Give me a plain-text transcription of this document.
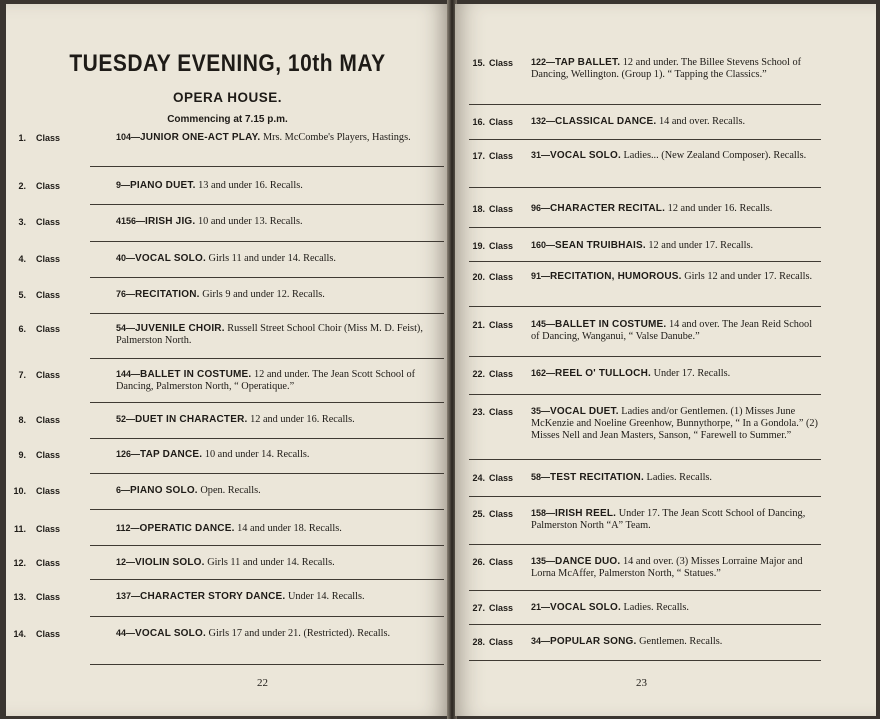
TUESDAY EVENING, 10th MAY
OPERA HOUSE.
Commencing at 7.15 p.m.
1. Class	104—JUNIOR ONE-ACT PLAY. Mrs. McCombe's Players, Hastings.
2. Class	9—PIANO DUET. 13 and under 16. Recalls.
3. Class	4156—IRISH JIG. 10 and under 13. Recalls.
4. Class	40—VOCAL SOLO. Girls 11 and under 14. Recalls.
5. Class	76—RECITATION. Girls 9 and under 12. Recalls.
6. Class	54—JUVENILE CHOIR. Russell Street School Choir (Miss M. D. Feist), Palmerston North.
7. Class	144—BALLET IN COSTUME. 12 and under. The Jean Scott School of Dancing, Palmerston North, “ Operatique.”
8. Class	52—DUET IN CHARACTER. 12 and under 16. Recalls.
9. Class	126—TAP DANCE. 10 and under 14. Recalls.
10. Class	6—PIANO SOLO. Open. Recalls.
11. Class	112—OPERATIC DANCE. 14 and under 18. Recalls.
12. Class	12—VIOLIN SOLO. Girls 11 and under 14. Recalls.
13. Class	137—CHARACTER STORY DANCE. Under 14. Recalls.
14. Class	44—VOCAL SOLO. Girls 17 and under 21. (Restricted). Recalls.
22
15. Class 122—TAP BALLET. 12 and under. The Billee Stevens School of Dancing, Wellington. (Group 1). “ Tapping the Classics.”
16. Class 132—CLASSICAL DANCE. 14 and over. Recalls.
17. Class 31—VOCAL SOLO. Ladies... (New Zealand Composer). Recalls.
18. Class 96—CHARACTER RECITAL. 12 and under 16. Recalls.
19. Class 160—SEAN TRUIBHAIS. 12 and under 17. Recalls.
20. Class 91—RECITATION, HUMOROUS. Girls 12 and under 17. Recalls.
21. Class 145—BALLET IN COSTUME. 14 and over. The Jean Reid School of Dancing, Wanganui, “ Valse Danube.”
22. Class 162—REEL O' TULLOCH. Under 17. Recalls.
23. Class 35—VOCAL DUET. Ladies and/or Gentlemen. (1) Misses June McKenzie and Noeline Greenhow, Bunnythorpe, “ In a Gondola.” (2) Misses Nell and Jean Masters, Sanson, “ Farewell to Summer.”
24. Class 58—TEST RECITATION. Ladies. Recalls.
25. Class 158—IRISH REEL. Under 17. The Jean Scott School of Dancing, Palmerston North “A” Team.
26. Class 135—DANCE DUO. 14 and over. (3) Misses Lorraine Major and Lorna McAffer, Palmerston North, “ Statues.”
27. Class 21—VOCAL SOLO. Ladies. Recalls.
28. Class 34—POPULAR SONG. Gentlemen. Recalls.
23
